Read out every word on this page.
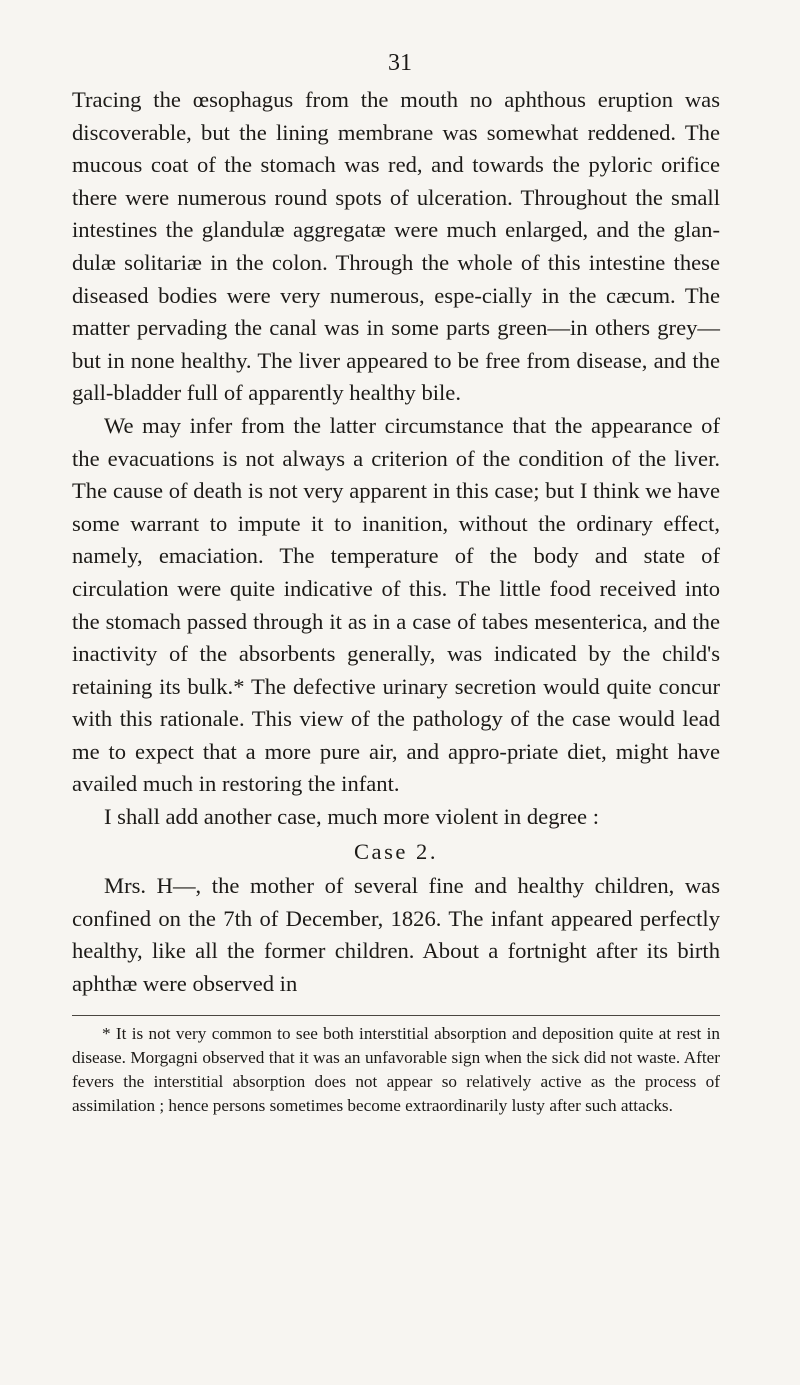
31

Tracing the œsophagus from the mouth no aphthous eruption was discoverable, but the lining membrane was somewhat reddened. The mucous coat of the stomach was red, and towards the pyloric orifice there were numerous round spots of ulceration. Throughout the small intestines the glandulæ aggregatæ were much enlarged, and the glan-dulæ solitariæ in the colon. Through the whole of this intestine these diseased bodies were very numerous, espe-cially in the cæcum. The matter pervading the canal was in some parts green—in others grey—but in none healthy. The liver appeared to be free from disease, and the gall-bladder full of apparently healthy bile.

We may infer from the latter circumstance that the appearance of the evacuations is not always a criterion of the condition of the liver. The cause of death is not very apparent in this case; but I think we have some warrant to impute it to inanition, without the ordinary effect, namely, emaciation. The temperature of the body and state of circulation were quite indicative of this. The little food received into the stomach passed through it as in a case of tabes mesenterica, and the inactivity of the absorbents generally, was indicated by the child's retaining its bulk.* The defective urinary secretion would quite concur with this rationale. This view of the pathology of the case would lead me to expect that a more pure air, and appro-priate diet, might have availed much in restoring the infant.

I shall add another case, much more violent in degree :

Case 2.

Mrs. H—, the mother of several fine and healthy children, was confined on the 7th of December, 1826. The infant appeared perfectly healthy, like all the former children. About a fortnight after its birth aphthæ were observed in

* It is not very common to see both interstitial absorption and deposition quite at rest in disease. Morgagni observed that it was an unfavorable sign when the sick did not waste. After fevers the interstitial absorption does not appear so relatively active as the process of assimilation ; hence persons sometimes become extraordinarily lusty after such attacks.
